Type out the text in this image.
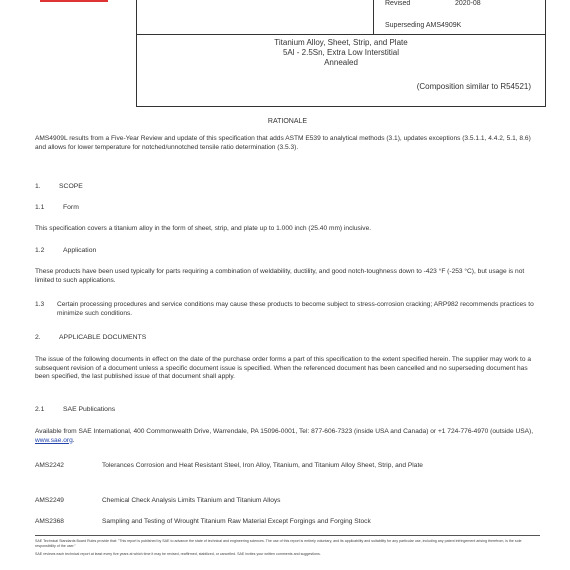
Revised	2020-08
Superseding AMS4909K
Titanium Alloy, Sheet, Strip, and Plate
5Al - 2.5Sn, Extra Low Interstitial
Annealed
(Composition similar to R54521)
RATIONALE
AMS4909L results from a Five-Year Review and update of this specification that adds ASTM E539 to analytical methods (3.1), updates exceptions (3.5.1.1, 4.4.2, 5.1, 8.6) and allows for lower temperature for notched/unnotched tensile ratio determination (3.5.3).
1.	SCOPE
1.1	Form
This specification covers a titanium alloy in the form of sheet, strip, and plate up to 1.000 inch (25.40 mm) inclusive.
1.2	Application
These products have been used typically for parts requiring a combination of weldability, ductility, and good notch-toughness down to -423 °F (-253 °C), but usage is not limited to such applications.
1.3 Certain processing procedures and service conditions may cause these products to become subject to stress-corrosion cracking; ARP982 recommends practices to minimize such conditions.
2.	APPLICABLE DOCUMENTS
The issue of the following documents in effect on the date of the purchase order forms a part of this specification to the extent specified herein. The supplier may work to a subsequent revision of a document unless a specific document issue is specified. When the referenced document has been cancelled and no superseding document has been specified, the last published issue of that document shall apply.
2.1	SAE Publications
Available from SAE International, 400 Commonwealth Drive, Warrendale, PA 15096-0001, Tel: 877-606-7323 (inside USA and Canada) or +1 724-776-4970 (outside USA), www.sae.org.
AMS2242	Tolerances Corrosion and Heat Resistant Steel, Iron Alloy, Titanium, and Titanium Alloy Sheet, Strip, and Plate
AMS2249	Chemical Check Analysis Limits Titanium and Titanium Alloys
AMS2368	Sampling and Testing of Wrought Titanium Raw Material Except Forgings and Forging Stock
SAE Technical Standards Board Rules provide that: "This report is published by SAE to advance the state of technical and engineering sciences. The use of this report is entirely voluntary, and its applicability and suitability for any particular use, including any patent infringement arising therefrom, is the sole responsibility of the user."
SAE reviews each technical report at least every five years at which time it may be revised, reaffirmed, stabilized, or cancelled. SAE invites your written comments and suggestions.
